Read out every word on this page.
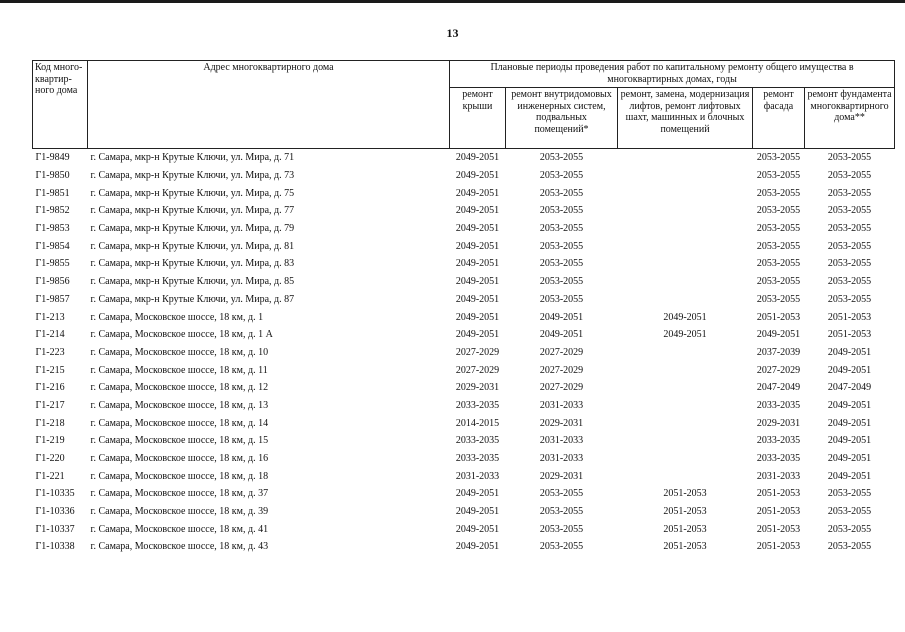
13
Код много-квартир-ного дома	Адрес многоквартирного дома	Плановые периоды проведения работ по капитальному ремонту общего имущества в многоквартирных домах, годы				
		ремонт крыши	ремонт внутридомовых инженерных систем, подвальных помещений*	ремонт, замена, модернизация лифтов, ремонт лифтовых шахт, машинных и блочных помещений	ремонт фасада	ремонт фундамента многоквартирного дома**
Г1-9849	г. Самара, мкр-н Крутые Ключи, ул. Мира, д. 71	2049-2051	2053-2055		2053-2055	2053-2055
Г1-9850	г. Самара, мкр-н Крутые Ключи, ул. Мира, д. 73	2049-2051	2053-2055		2053-2055	2053-2055
Г1-9851	г. Самара, мкр-н Крутые Ключи, ул. Мира, д. 75	2049-2051	2053-2055		2053-2055	2053-2055
Г1-9852	г. Самара, мкр-н Крутые Ключи, ул. Мира, д. 77	2049-2051	2053-2055		2053-2055	2053-2055
Г1-9853	г. Самара, мкр-н Крутые Ключи, ул. Мира, д. 79	2049-2051	2053-2055		2053-2055	2053-2055
Г1-9854	г. Самара, мкр-н Крутые Ключи, ул. Мира, д. 81	2049-2051	2053-2055		2053-2055	2053-2055
Г1-9855	г. Самара, мкр-н Крутые Ключи, ул. Мира, д. 83	2049-2051	2053-2055		2053-2055	2053-2055
Г1-9856	г. Самара, мкр-н Крутые Ключи, ул. Мира, д. 85	2049-2051	2053-2055		2053-2055	2053-2055
Г1-9857	г. Самара, мкр-н Крутые Ключи, ул. Мира, д. 87	2049-2051	2053-2055		2053-2055	2053-2055
Г1-213	г. Самара, Московское шоссе, 18 км, д. 1	2049-2051	2049-2051	2049-2051	2051-2053	2051-2053
Г1-214	г. Самара, Московское шоссе, 18 км, д. 1 А	2049-2051	2049-2051	2049-2051	2049-2051	2051-2053
Г1-223	г. Самара, Московское шоссе, 18 км, д. 10	2027-2029	2027-2029		2037-2039	2049-2051
Г1-215	г. Самара, Московское шоссе, 18 км, д. 11	2027-2029	2027-2029		2027-2029	2049-2051
Г1-216	г. Самара, Московское шоссе, 18 км, д. 12	2029-2031	2027-2029		2047-2049	2047-2049
Г1-217	г. Самара, Московское шоссе, 18 км, д. 13	2033-2035	2031-2033		2033-2035	2049-2051
Г1-218	г. Самара, Московское шоссе, 18 км, д. 14	2014-2015	2029-2031		2029-2031	2049-2051
Г1-219	г. Самара, Московское шоссе, 18 км, д. 15	2033-2035	2031-2033		2033-2035	2049-2051
Г1-220	г. Самара, Московское шоссе, 18 км, д. 16	2033-2035	2031-2033		2033-2035	2049-2051
Г1-221	г. Самара, Московское шоссе, 18 км, д. 18	2031-2033	2029-2031		2031-2033	2049-2051
Г1-10335	г. Самара, Московское шоссе, 18 км, д. 37	2049-2051	2053-2055	2051-2053	2051-2053	2053-2055
Г1-10336	г. Самара, Московское шоссе, 18 км, д. 39	2049-2051	2053-2055	2051-2053	2051-2053	2053-2055
Г1-10337	г. Самара, Московское шоссе, 18 км, д. 41	2049-2051	2053-2055	2051-2053	2051-2053	2053-2055
Г1-10338	г. Самара, Московское шоссе, 18 км, д. 43	2049-2051	2053-2055	2051-2053	2051-2053	2053-2055
